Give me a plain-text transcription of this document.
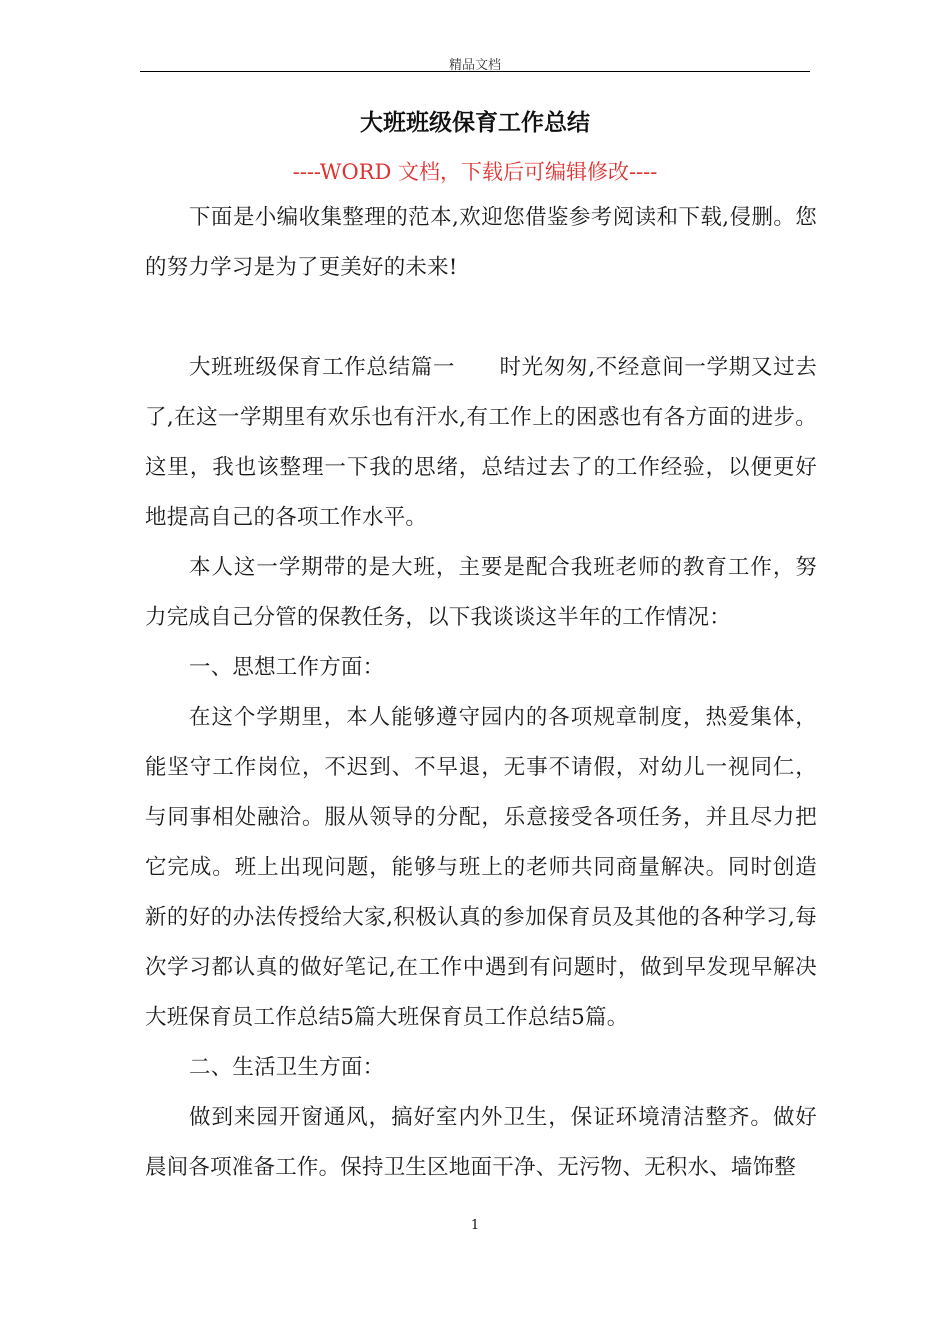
精品文档
大班班级保育工作总结
----WORD 文档，下载后可编辑修改----

下面是小编收集整理的范本,欢迎您借鉴参考阅读和下载,侵删。您的努力学习是为了更美好的未来!

大班班级保育工作总结篇一　　时光匆匆,不经意间一学期又过去了,在这一学期里有欢乐也有汗水,有工作上的困惑也有各方面的进步。这里，我也该整理一下我的思绪，总结过去了的工作经验，以便更好地提高自己的各项工作水平。

本人这一学期带的是大班，主要是配合我班老师的教育工作，努力完成自己分管的保教任务，以下我谈谈这半年的工作情况：

一、思想工作方面：

在这个学期里，本人能够遵守园内的各项规章制度，热爱集体，能坚守工作岗位，不迟到、不早退，无事不请假，对幼儿一视同仁，与同事相处融洽。服从领导的分配，乐意接受各项任务，并且尽力把它完成。班上出现问题，能够与班上的老师共同商量解决。同时创造新的好的办法传授给大家,积极认真的参加保育员及其他的各种学习,每次学习都认真的做好笔记,在工作中遇到有问题时，做到早发现早解决大班保育员工作总结5篇大班保育员工作总结5篇。

二、生活卫生方面：

做到来园开窗通风，搞好室内外卫生，保证环境清洁整齐。做好晨间各项准备工作。保持卫生区地面干净、无污物、无积水、墙饰整

1
